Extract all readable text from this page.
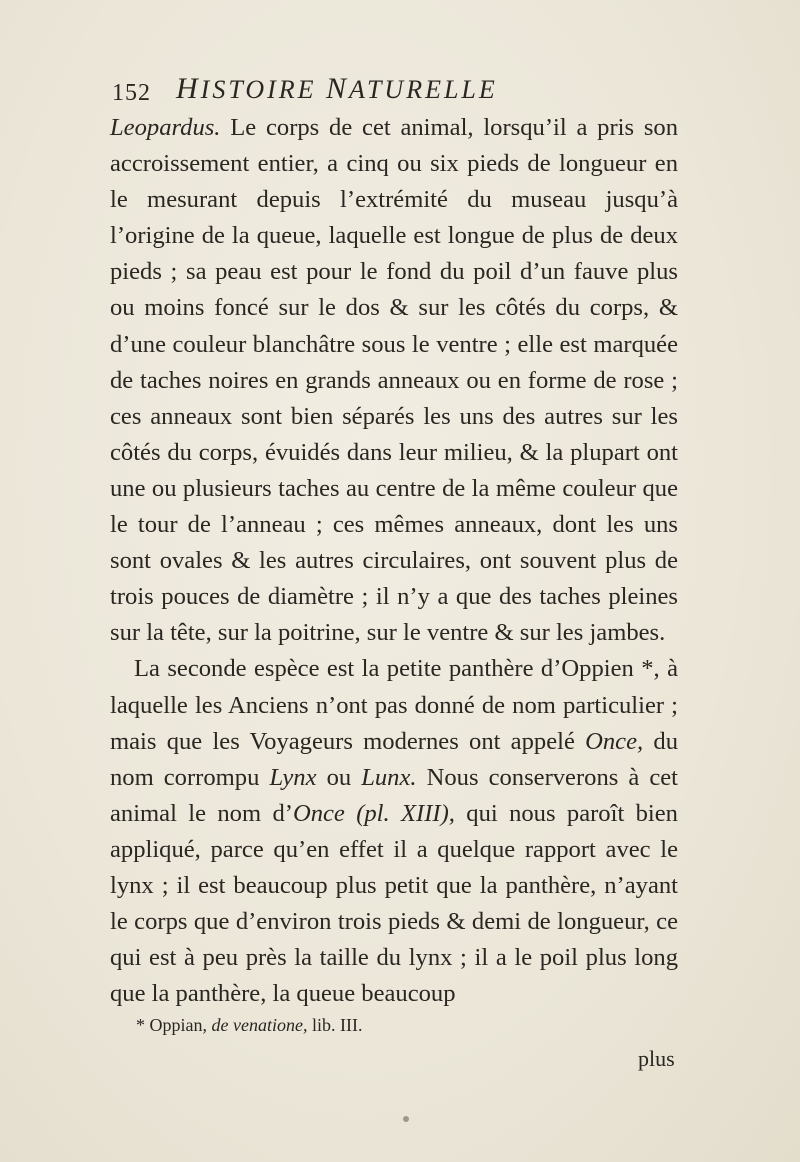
152 HISTOIRE NATURELLE

Leopardus. Le corps de cet animal, lorsqu’il a pris son accroissement entier, a cinq ou six pieds de longueur en le mesurant depuis l’extrémité du museau jusqu’à l’origine de la queue, laquelle est longue de plus de deux pieds ; sa peau est pour le fond du poil d’un fauve plus ou moins foncé sur le dos & sur les côtés du corps, & d’une couleur blanchâtre sous le ventre ; elle est marquée de taches noires en grands anneaux ou en forme de rose ; ces anneaux sont bien séparés les uns des autres sur les côtés du corps, évuidés dans leur milieu, & la plupart ont une ou plusieurs taches au centre de la même couleur que le tour de l’anneau ; ces mêmes anneaux, dont les uns sont ovales & les autres circulaires, ont souvent plus de trois pouces de diamètre ; il n’y a que des taches pleines sur la tête, sur la poitrine, sur le ventre & sur les jambes.

La seconde espèce est la petite panthère d’Oppien *, à laquelle les Anciens n’ont pas donné de nom particulier ; mais que les Voyageurs modernes ont appelé Once, du nom corrompu Lynx ou Lunx. Nous conserverons à cet animal le nom d’Once (pl. XIII), qui nous paroît bien appliqué, parce qu’en effet il a quelque rapport avec le lynx ; il est beaucoup plus petit que la panthère, n’ayant le corps que d’environ trois pieds & demi de longueur, ce qui est à peu près la taille du lynx ; il a le poil plus long que la panthère, la queue beaucoup

* Oppian, de venatione, lib. III.
plus
